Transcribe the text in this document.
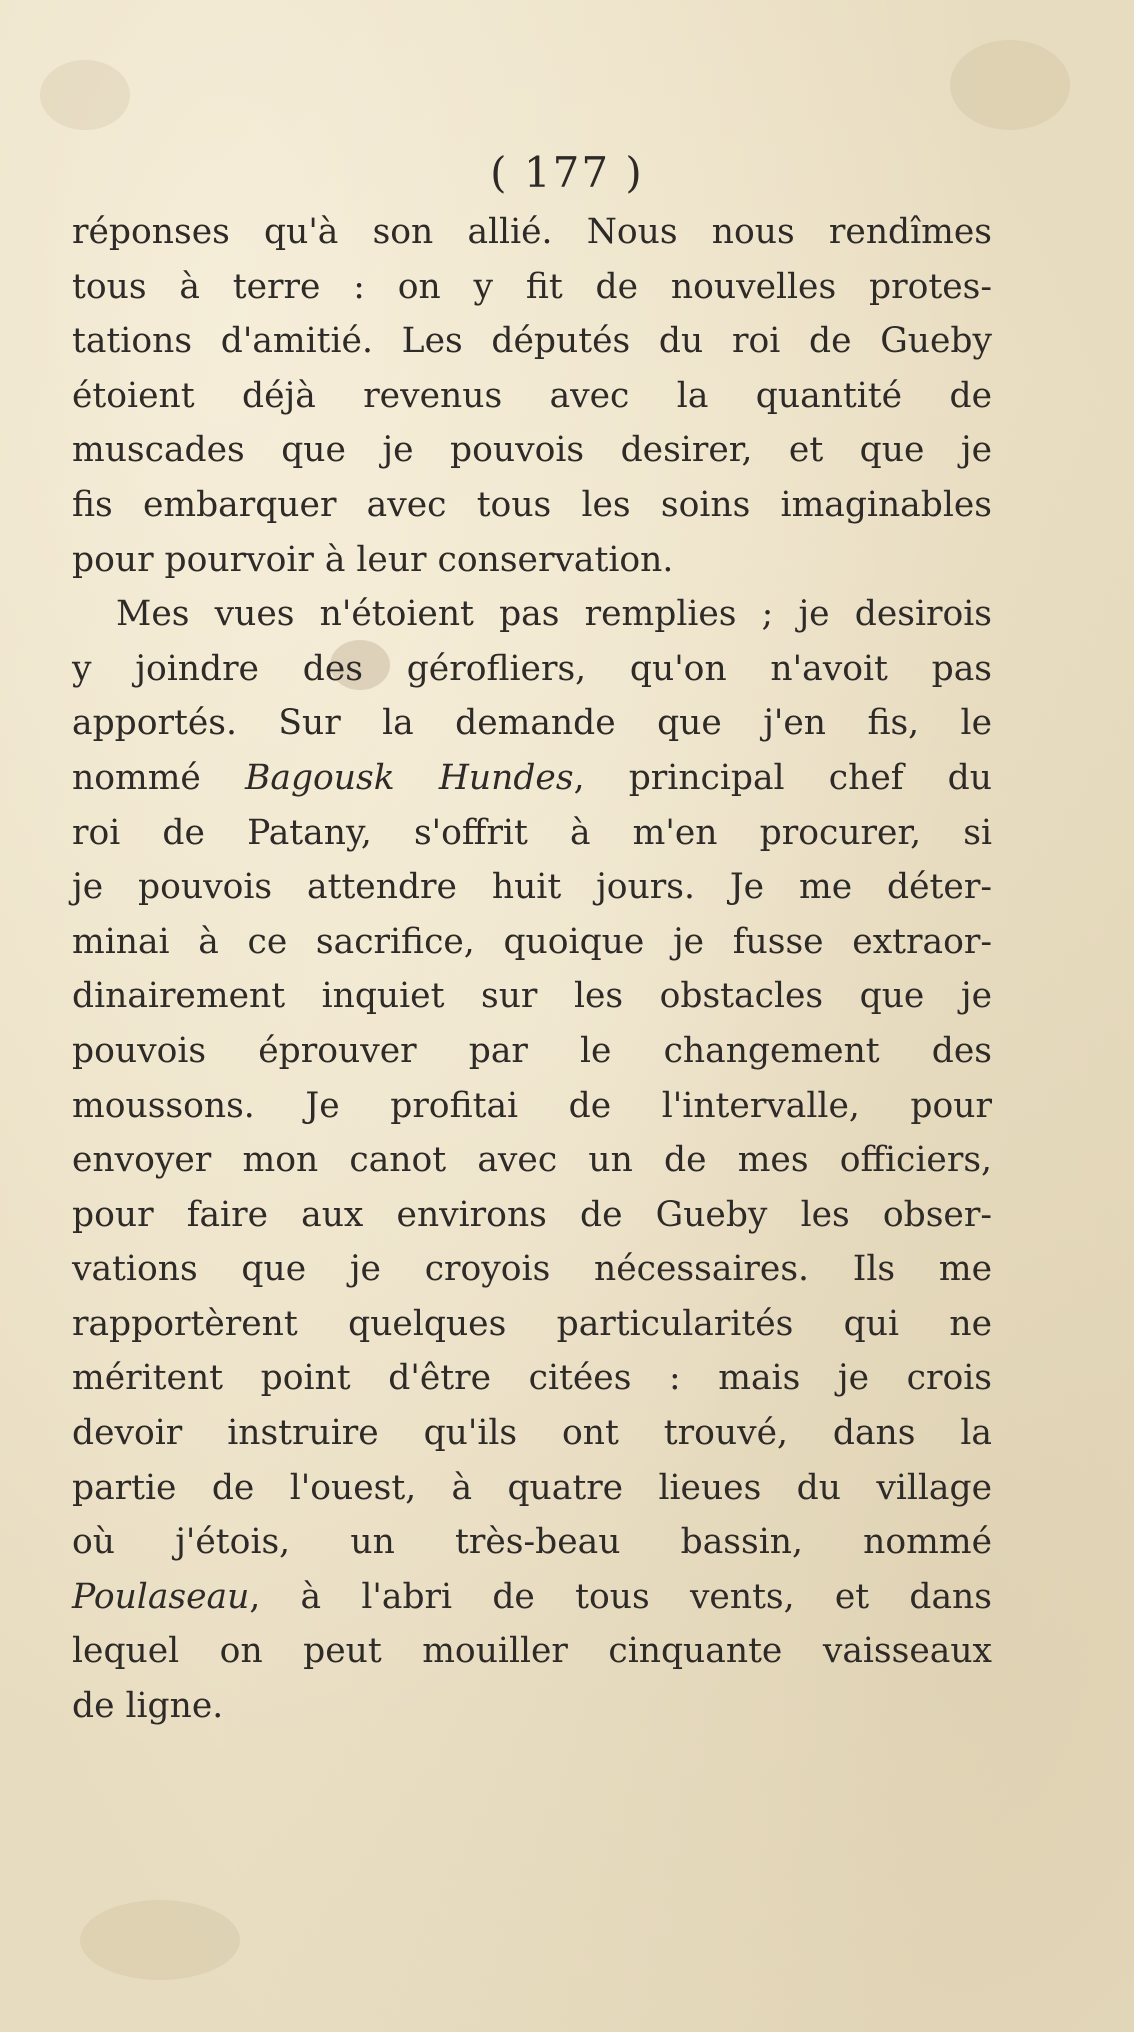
( 177 )

réponses qu'à son allié. Nous nous rendîmes
tous à terre : on y fit de nouvelles protes-
tations d'amitié. Les députés du roi de Gueby
étoient déjà revenus avec la quantité de
muscades que je pouvois desirer, et que je
fis embarquer avec tous les soins imaginables
pour pourvoir à leur conservation.

Mes vues n'étoient pas remplies ; je desirois
y joindre des gérofliers, qu'on n'avoit pas
apportés. Sur la demande que j'en fis, le
nommé Bagousk Hundes, principal chef du
roi de Patany, s'offrit à m'en procurer, si
je pouvois attendre huit jours. Je me déter-
minai à ce sacrifice, quoique je fusse extraor-
dinairement inquiet sur les obstacles que je
pouvois éprouver par le changement des
moussons. Je profitai de l'intervalle, pour
envoyer mon canot avec un de mes officiers,
pour faire aux environs de Gueby les obser-
vations que je croyois nécessaires. Ils me
rapportèrent quelques particularités qui ne
méritent point d'être citées : mais je crois
devoir instruire qu'ils ont trouvé, dans la
partie de l'ouest, à quatre lieues du village
où j'étois, un très-beau bassin, nommé
Poulaseau, à l'abri de tous vents, et dans
lequel on peut mouiller cinquante vaisseaux
de ligne.
